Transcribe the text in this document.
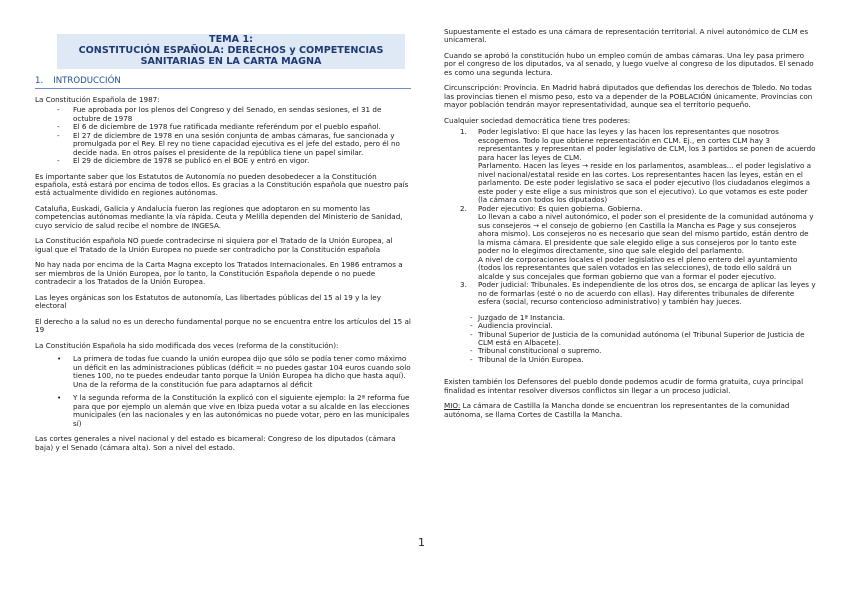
TEMA 1:
CONSTITUCIÓN ESPAÑOLA: DERECHOS y COMPETENCIAS
SANITARIAS EN LA CARTA MAGNA
1. INTRODUCCIÓN

La Constitución Española de 1987:

- Fue aprobada por los plenos del Congreso y del Senado, en sendas sesiones, el 31 de octubre de 1978
- El 6 de diciembre de 1978 fue ratificada mediante referéndum por el pueblo español.
- El 27 de diciembre de 1978 en una sesión conjunta de ambas cámaras, fue sancionada y promulgada por el Rey. El rey no tiene capacidad ejecutiva es el jefe del estado, pero él no decide nada. En otros países el presidente de la república tiene un papel similar.
- El 29 de diciembre de 1978 se publicó en el BOE y entró en vigor.

Es importante saber que los Estatutos de Autonomía no pueden desobedecer a la Constitución española, está estará por encima de todos ellos. Es gracias a la Constitución española que nuestro país está actualmente dividido en regiones autónomas.

Cataluña, Euskadi, Galicia y Andalucía fueron las regiones que adoptaron en su momento las competencias autónomas mediante la vía rápida. Ceuta y Melilla dependen del Ministerio de Sanidad, cuyo servicio de salud recibe el nombre de INGESA.

La Constitución española NO puede contradecirse ni siquiera por el Tratado de la Unión Europea, al igual que el Tratado de la Unión Europea no puede ser contradicho por la Constitución española

No hay nada por encima de la Carta Magna excepto los Tratados Internacionales. En 1986 entramos a ser miembros de la Unión Europea, por lo tanto, la Constitución Española depende o no puede contradecir a los Tratados de la Unión Europea.

Las leyes orgánicas son los Estatutos de autonomía, Las libertades públicas del 15 al 19 y la ley electoral

El derecho a la salud no es un derecho fundamental porque no se encuentra entre los artículos del 15 al 19

La Constitución Española ha sido modificada dos veces (reforma de la constitución):

• La primera de todas fue cuando la unión europea dijo que sólo se podía tener como máximo un déficit en las administraciones públicas (déficit = no puedes gastar 104 euros cuando solo tienes 100, no te puedes endeudar tanto porque la Unión Europea ha dicho que hasta aquí). Una de la reforma de la constitución fue para adaptarnos al déficit
• Y la segunda reforma de la Constitución la explicó con el siguiente ejemplo: la 2ª reforma fue para que por ejemplo un alemán que vive en Ibiza pueda votar a su alcalde en las elecciones municipales (en las nacionales y en las autonómicas no puede votar, pero en las municipales sí)

Las cortes generales a nivel nacional y del estado es bicameral: Congreso de los diputados (cámara baja) y el Senado (cámara alta). Son a nivel del estado.

Supuestamente el estado es una cámara de representación territorial. A nivel autonómico de CLM es unicameral.

Cuando se aprobó la constitución hubo un empleo común de ambas cámaras. Una ley pasa primero por el congreso de los diputados, va al senado, y luego vuelve al congreso de los diputados. El senado es como una segunda lectura.

Circunscripción: Provincia. En Madrid habrá diputados que defiendas los derechos de Toledo. No todas las provincias tienen el mismo peso, esto va a depender de la POBLACIÓN únicamente. Provincias con mayor población tendrán mayor representatividad, aunque sea el territorio pequeño.

Cualquier sociedad democrática tiene tres poderes:

1. Poder legislativo: El que hace las leyes y las hacen los representantes que nosotros escogemos. Todo lo que obtiene representación en CLM. Ej., en cortes CLM hay 3 representantes y representan el poder legislativo de CLM, los 3 partidos se ponen de acuerdo para hacer las leyes de CLM.
Parlamento. Hacen las leyes → reside en los parlamentos, asambleas... el poder legislativo a nivel nacional/estatal reside en las cortes. Los representantes hacen las leyes, están en el parlamento. De este poder legislativo se saca el poder ejecutivo (los ciudadanos elegimos a este poder y este elige a sus ministros que son el ejecutivo). Lo que votamos es este poder (la cámara con todos los diputados)
2. Poder ejecutivo: Es quien gobierna. Gobierna.
Lo llevan a cabo a nivel autonómico, el poder son el presidente de la comunidad autónoma y sus consejeros → el consejo de gobierno (en Castilla la Mancha es Page y sus consejeros ahora mismo). Los consejeros no es necesario que sean del mismo partido, están dentro de la misma cámara. El presidente que sale elegido elige a sus consejeros por lo tanto este poder no lo elegimos directamente, sino que sale elegido del parlamento.
A nivel de corporaciones locales el poder legislativo es el pleno entero del ayuntamiento (todos los representantes que salen votados en las selecciones), de todo ello saldrá un alcalde y sus concejales que forman gobierno que van a formar el poder ejecutivo.
3. Poder judicial: Tribunales. Es independiente de los otros dos, se encarga de aplicar las leyes y no de formarlas (esté o no de acuerdo con ellas). Hay diferentes tribunales de diferente esfera (social, recurso contencioso administrativo) y también hay jueces.
- Juzgado de 1ª Instancia.
- Audiencia provincial.
- Tribunal Superior de Justicia de la comunidad autónoma (el Tribunal Superior de Justicia de CLM está en Albacete).
- Tribunal constitucional o supremo.
- Tribunal de la Unión Europea.

Existen también los Defensores del pueblo donde podemos acudir de forma gratuita, cuya principal finalidad es intentar resolver diversos conflictos sin llegar a un proceso judicial.

MIO: La cámara de Castilla la Mancha donde se encuentran los representantes de la comunidad autónoma, se llama Cortes de Castilla la Mancha.

1
